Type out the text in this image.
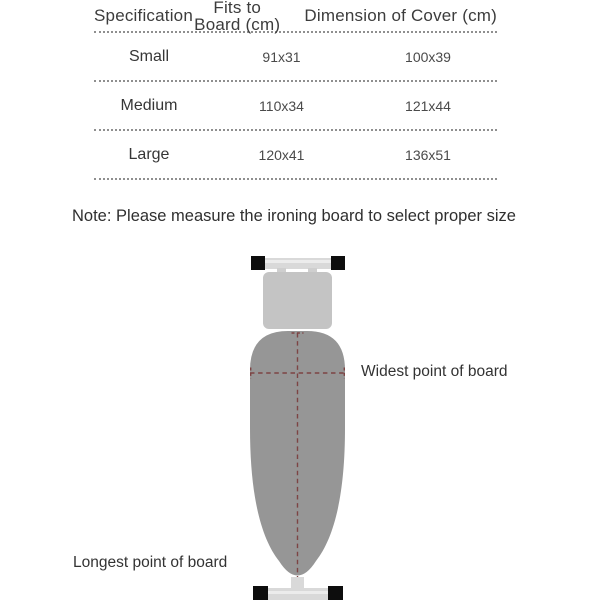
Specification	Fits to Board (cm)	Dimension of Cover (cm)
Small	91x31	100x39
Medium	110x34	121x44
Large	120x41	136x51
Note: Please measure the ironing board to select proper size
Widest point of board
Longest point of board
